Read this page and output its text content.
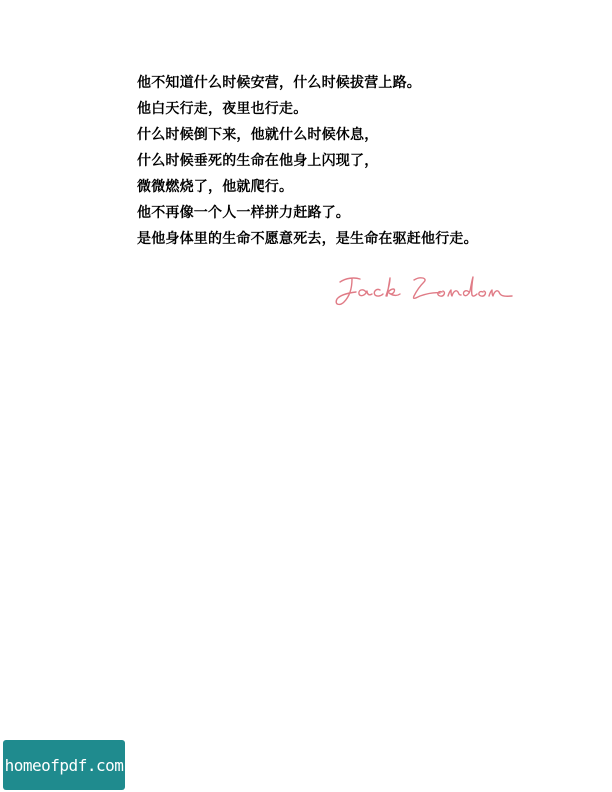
他不知道什么时候安营，什么时候拔营上路。
他白天行走，夜里也行走。
什么时候倒下来，他就什么时候休息，
什么时候垂死的生命在他身上闪现了，
微微燃烧了，他就爬行。
他不再像一个人一样拼力赶路了。
是他身体里的生命不愿意死去，是生命在驱赶他行走。
homeofpdf.com
